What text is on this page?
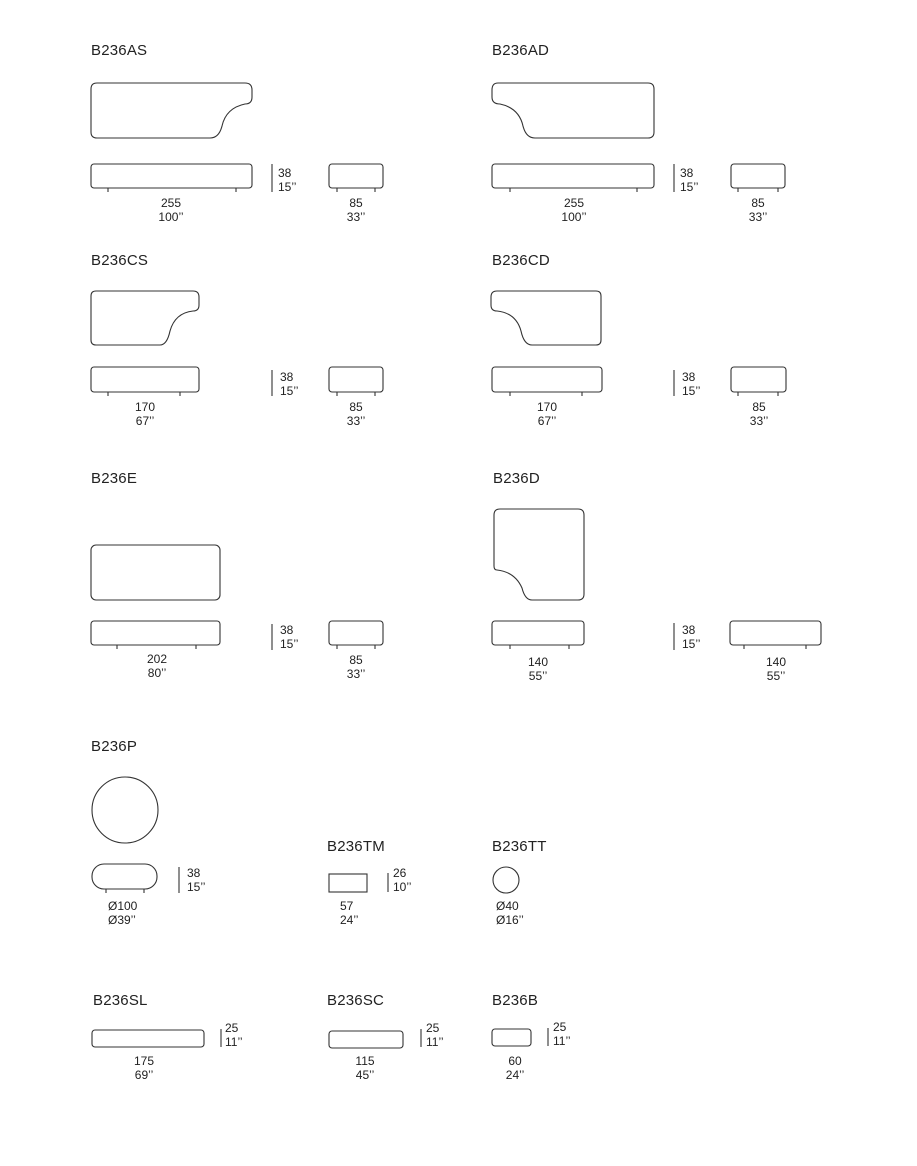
B236AS
38
15’’
255
100’’
85
33’’
B236AD
38
15’’
255
100’’
85
33’’
B236CS
38
15’’
170
67’’
85
33’’
B236CD
38
15’’
170
67’’
85
33’’
B236E
38
15’’
202
80’’
85
33’’
B236D
38
15’’
140
55’’
140
55’’
B236P
38
15’’
Ø100
Ø39’’
B236TM
26
10’’
57
24’’
B236TT
Ø40
Ø16’’
B236SL
25
11’’
175
69’’
B236SC
25
11’’
115
45’’
B236B
25
11’’
60
24’’
